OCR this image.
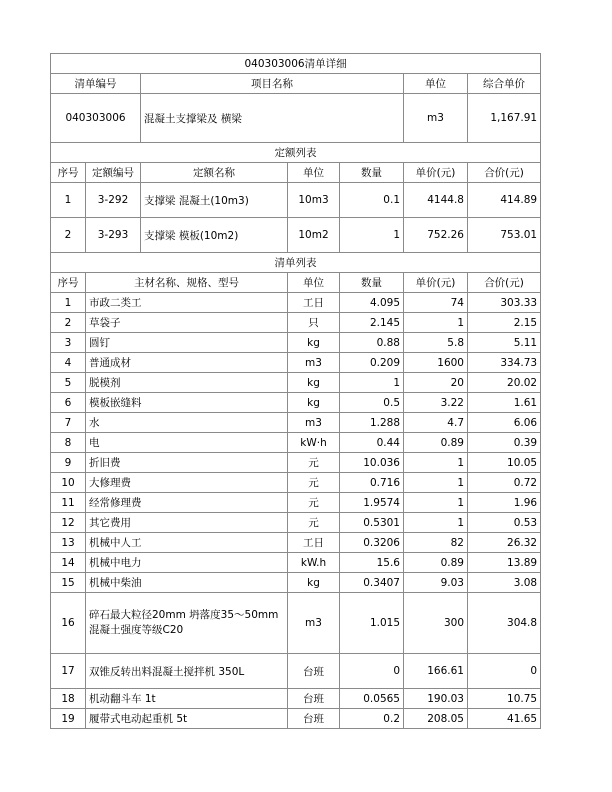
040303006清单详细						
清单编号		项目名称			单位	综合单价
040303006		混凝土支撑梁及 横梁			m3	1,167.91
定额列表						
序号	定额编号	定额名称	单位	数量	单价(元)	合价(元)
1	3-292	支撑梁 混凝土(10m3)	10m3	0.1	4144.8	414.89
2	3-293	支撑梁 模板(10m2)	10m2	1	752.26	753.01
清单列表						
序号	主材名称、规格、型号		单位	数量	单价(元)	合价(元)
1	市政二类工		工日	4.095	74	303.33
2	草袋子		只	2.145	1	2.15
3	圆钉		kg	0.88	5.8	5.11
4	普通成材		m3	0.209	1600	334.73
5	脱模剂		kg	1	20	20.02
6	模板嵌缝料		kg	0.5	3.22	1.61
7	水		m3	1.288	4.7	6.06
8	电		kW·h	0.44	0.89	0.39
9	折旧费		元	10.036	1	10.05
10	大修理费		元	0.716	1	0.72
11	经常修理费		元	1.9574	1	1.96
12	其它费用		元	0.5301	1	0.53
13	机械中人工		工日	0.3206	82	26.32
14	机械中电力		kW.h	15.6	0.89	13.89
15	机械中柴油		kg	0.3407	9.03	3.08
16	碎石最大粒径20mm 坍落度35～50mm混凝土强度等级C20		m3	1.015	300	304.8
17	双锥反转出料混凝土搅拌机 350L		台班	0	166.61	0
18	机动翻斗车 1t		台班	0.0565	190.03	10.75
19	履带式电动起重机 5t		台班	0.2	208.05	41.65
